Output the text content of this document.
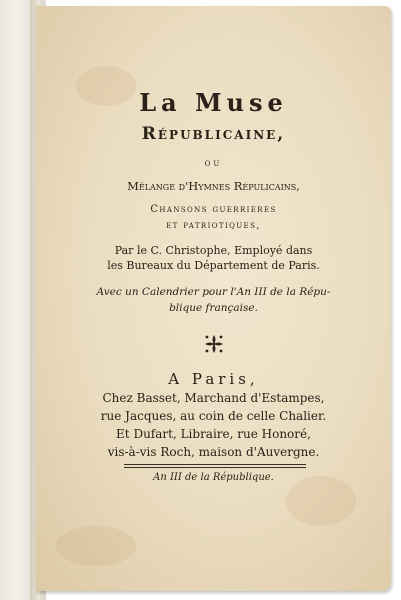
La Muse
Républicaine,
ou
Mêlange d'Hymnes Répulicains,
Chansons guerrieres
et patriotiques,
Par le C. Christophe, Employé dans
les Bureaux du Département de Paris.
Avec un Calendrier pour l'An III de la Répu-
blique française.
A Paris,
Chez Basset, Marchand d'Estampes,
rue Jacques, au coin de celle Chalier.
Et Dufart, Libraire, rue Honoré,
vis-à-vis Roch, maison d'Auvergne.
An III de la République.
